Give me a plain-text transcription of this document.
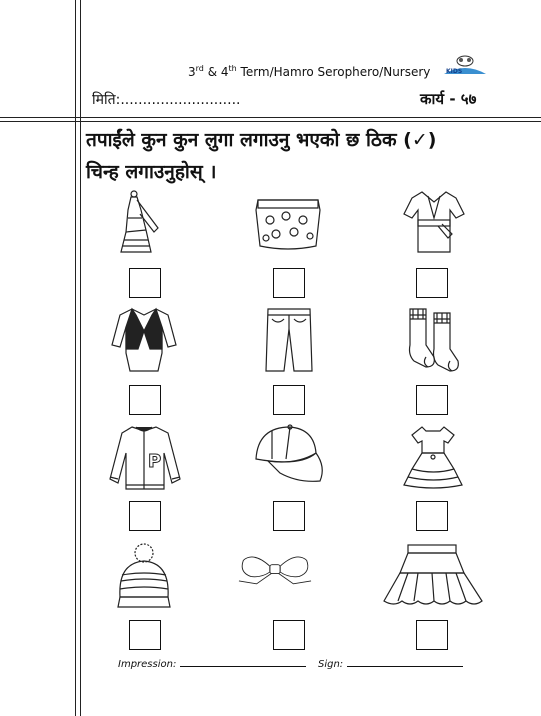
3rd & 4th Term/Hamro Serophero/Nursery	KIDS
मिति:...........................	कार्य - ५७
तपाईंले कुन कुन लुगा लगाउनु भएको छ ठिक (✓)
चिन्ह लगाउनुहोस् ।
P
Impression:	Sign:
